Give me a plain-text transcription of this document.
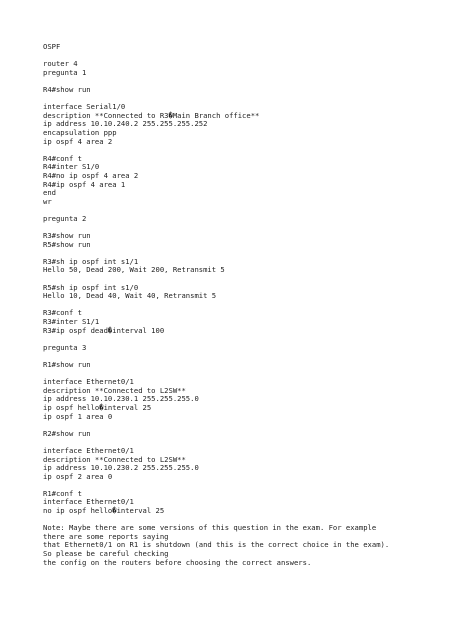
OSPF
router 4
pregunta 1
R4#show run
interface Serial1/0
description **Connected to R3�Main Branch office**
ip address 10.10.240.2 255.255.255.252
encapsulation ppp
ip ospf 4 area 2
R4#conf t
R4#inter S1/0
R4#no ip ospf 4 area 2
R4#ip ospf 4 area 1
end
wr
pregunta 2
R3#show run
R5#show run
R3#sh ip ospf int s1/1
Hello 50, Dead 200, Wait 200, Retransmit 5
R5#sh ip ospf int s1/0
Hello 10, Dead 40, Wait 40, Retransmit 5
R3#conf t
R3#inter S1/1
R3#ip ospf dead�interval 100
pregunta 3
R1#show run
interface Ethernet0/1
description **Connected to L2SW**
ip address 10.10.230.1 255.255.255.0
ip ospf hello�interval 25
ip ospf 1 area 0
R2#show run
interface Ethernet0/1
description **Connected to L2SW**
ip address 10.10.230.2 255.255.255.0
ip ospf 2 area 0
R1#conf t
interface Ethernet0/1
no ip ospf hello�interval 25
Note: Maybe there are some versions of this question in the exam. For example
there are some reports saying
that Ethernet0/1 on R1 is shutdown (and this is the correct choice in the exam).
So please be careful checking
the config on the routers before choosing the correct answers.
